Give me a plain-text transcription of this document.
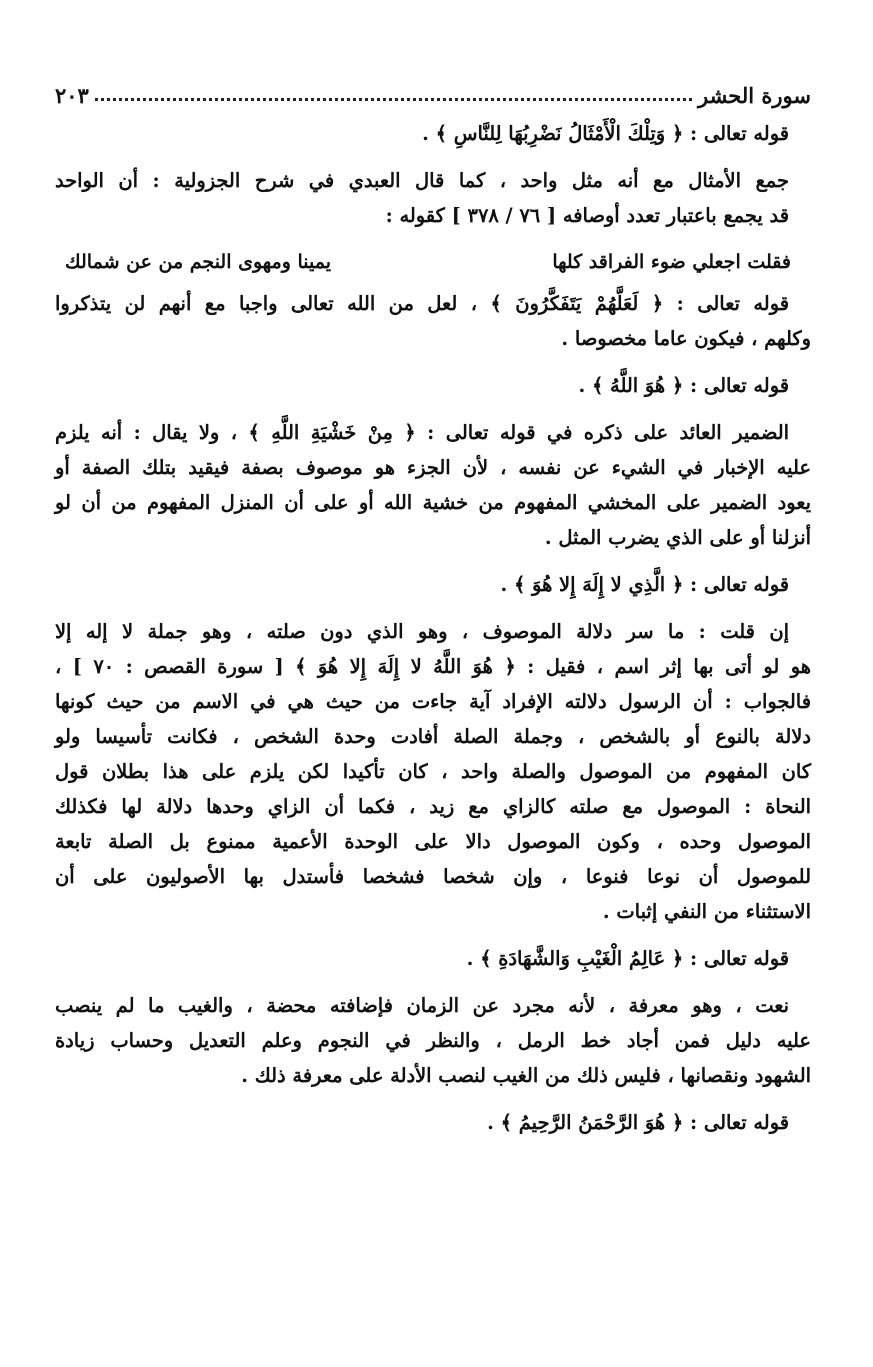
سورة الحشر
٢٠٣

قوله تعالى : ﴿ وَتِلْكَ الْأَمْثَالُ نَضْرِبُهَا لِلنَّاسِ ﴾ .

جمع الأمثال مع أنه مثل واحد ، كما قال العبدي في شرح الجزولية : أن الواحد
قد يجمع باعتبار تعدد أوصافه [ ٧٦ / ٣٧٨ ] كقوله :

فقلت اجعلي ضوء الفراقد كلها
يمينا ومهوى النجم من عن شمالك

قوله تعالى : ﴿ لَعَلَّهُمْ يَتَفَكَّرُونَ ﴾ ، لعل من الله تعالى واجبا مع أنهم لن يتذكروا
وكلهم ، فيكون عاما مخصوصا .

قوله تعالى : ﴿ هُوَ اللَّهُ ﴾ .

الضمير العائد على ذكره في قوله تعالى : ﴿ مِنْ خَشْيَةِ اللَّهِ ﴾ ، ولا يقال : أنه يلزم
عليه الإخبار في الشيء عن نفسه ، لأن الجزء هو موصوف بصفة فيقيد بتلك الصفة أو
يعود الضمير على المخشي المفهوم من خشية الله أو على أن المنزل المفهوم من أن لو
أنزلنا أو على الذي يضرب المثل .

قوله تعالى : ﴿ الَّذِي لا إِلَهَ إِلا هُوَ ﴾ .

إن قلت : ما سر دلالة الموصوف ، وهو الذي دون صلته ، وهو جملة لا إله إلا
هو لو أتى بها إثر اسم ، فقيل : ﴿ هُوَ اللَّهُ لا إِلَهَ إِلا هُوَ ﴾ [ سورة القصص : ٧٠ ] ،
فالجواب : أن الرسول دلالته الإفراد آية جاءت من حيث هي في الاسم من حيث كونها
دلالة بالنوع أو بالشخص ، وجملة الصلة أفادت وحدة الشخص ، فكانت تأسيسا ولو
كان المفهوم من الموصول والصلة واحد ، كان تأكيدا لكن يلزم على هذا بطلان قول
النحاة : الموصول مع صلته كالزاي مع زيد ، فكما أن الزاي وحدها دلالة لها فكذلك
الموصول وحده ، وكون الموصول دالا على الوحدة الأعمية ممنوع بل الصلة تابعة
للموصول أن نوعا فنوعا ، وإن شخصا فشخصا فأستدل بها الأصوليون على أن
الاستثناء من النفي إثبات .

قوله تعالى : ﴿ عَالِمُ الْغَيْبِ وَالشَّهَادَةِ ﴾ .

نعت ، وهو معرفة ، لأنه مجرد عن الزمان فإضافته محضة ، والغيب ما لم ينصب
عليه دليل فمن أجاد خط الرمل ، والنظر في النجوم وعلم التعديل وحساب زيادة
الشهود ونقصانها ، فليس ذلك من الغيب لنصب الأدلة على معرفة ذلك .

قوله تعالى : ﴿ هُوَ الرَّحْمَنُ الرَّحِيمُ ﴾ .
